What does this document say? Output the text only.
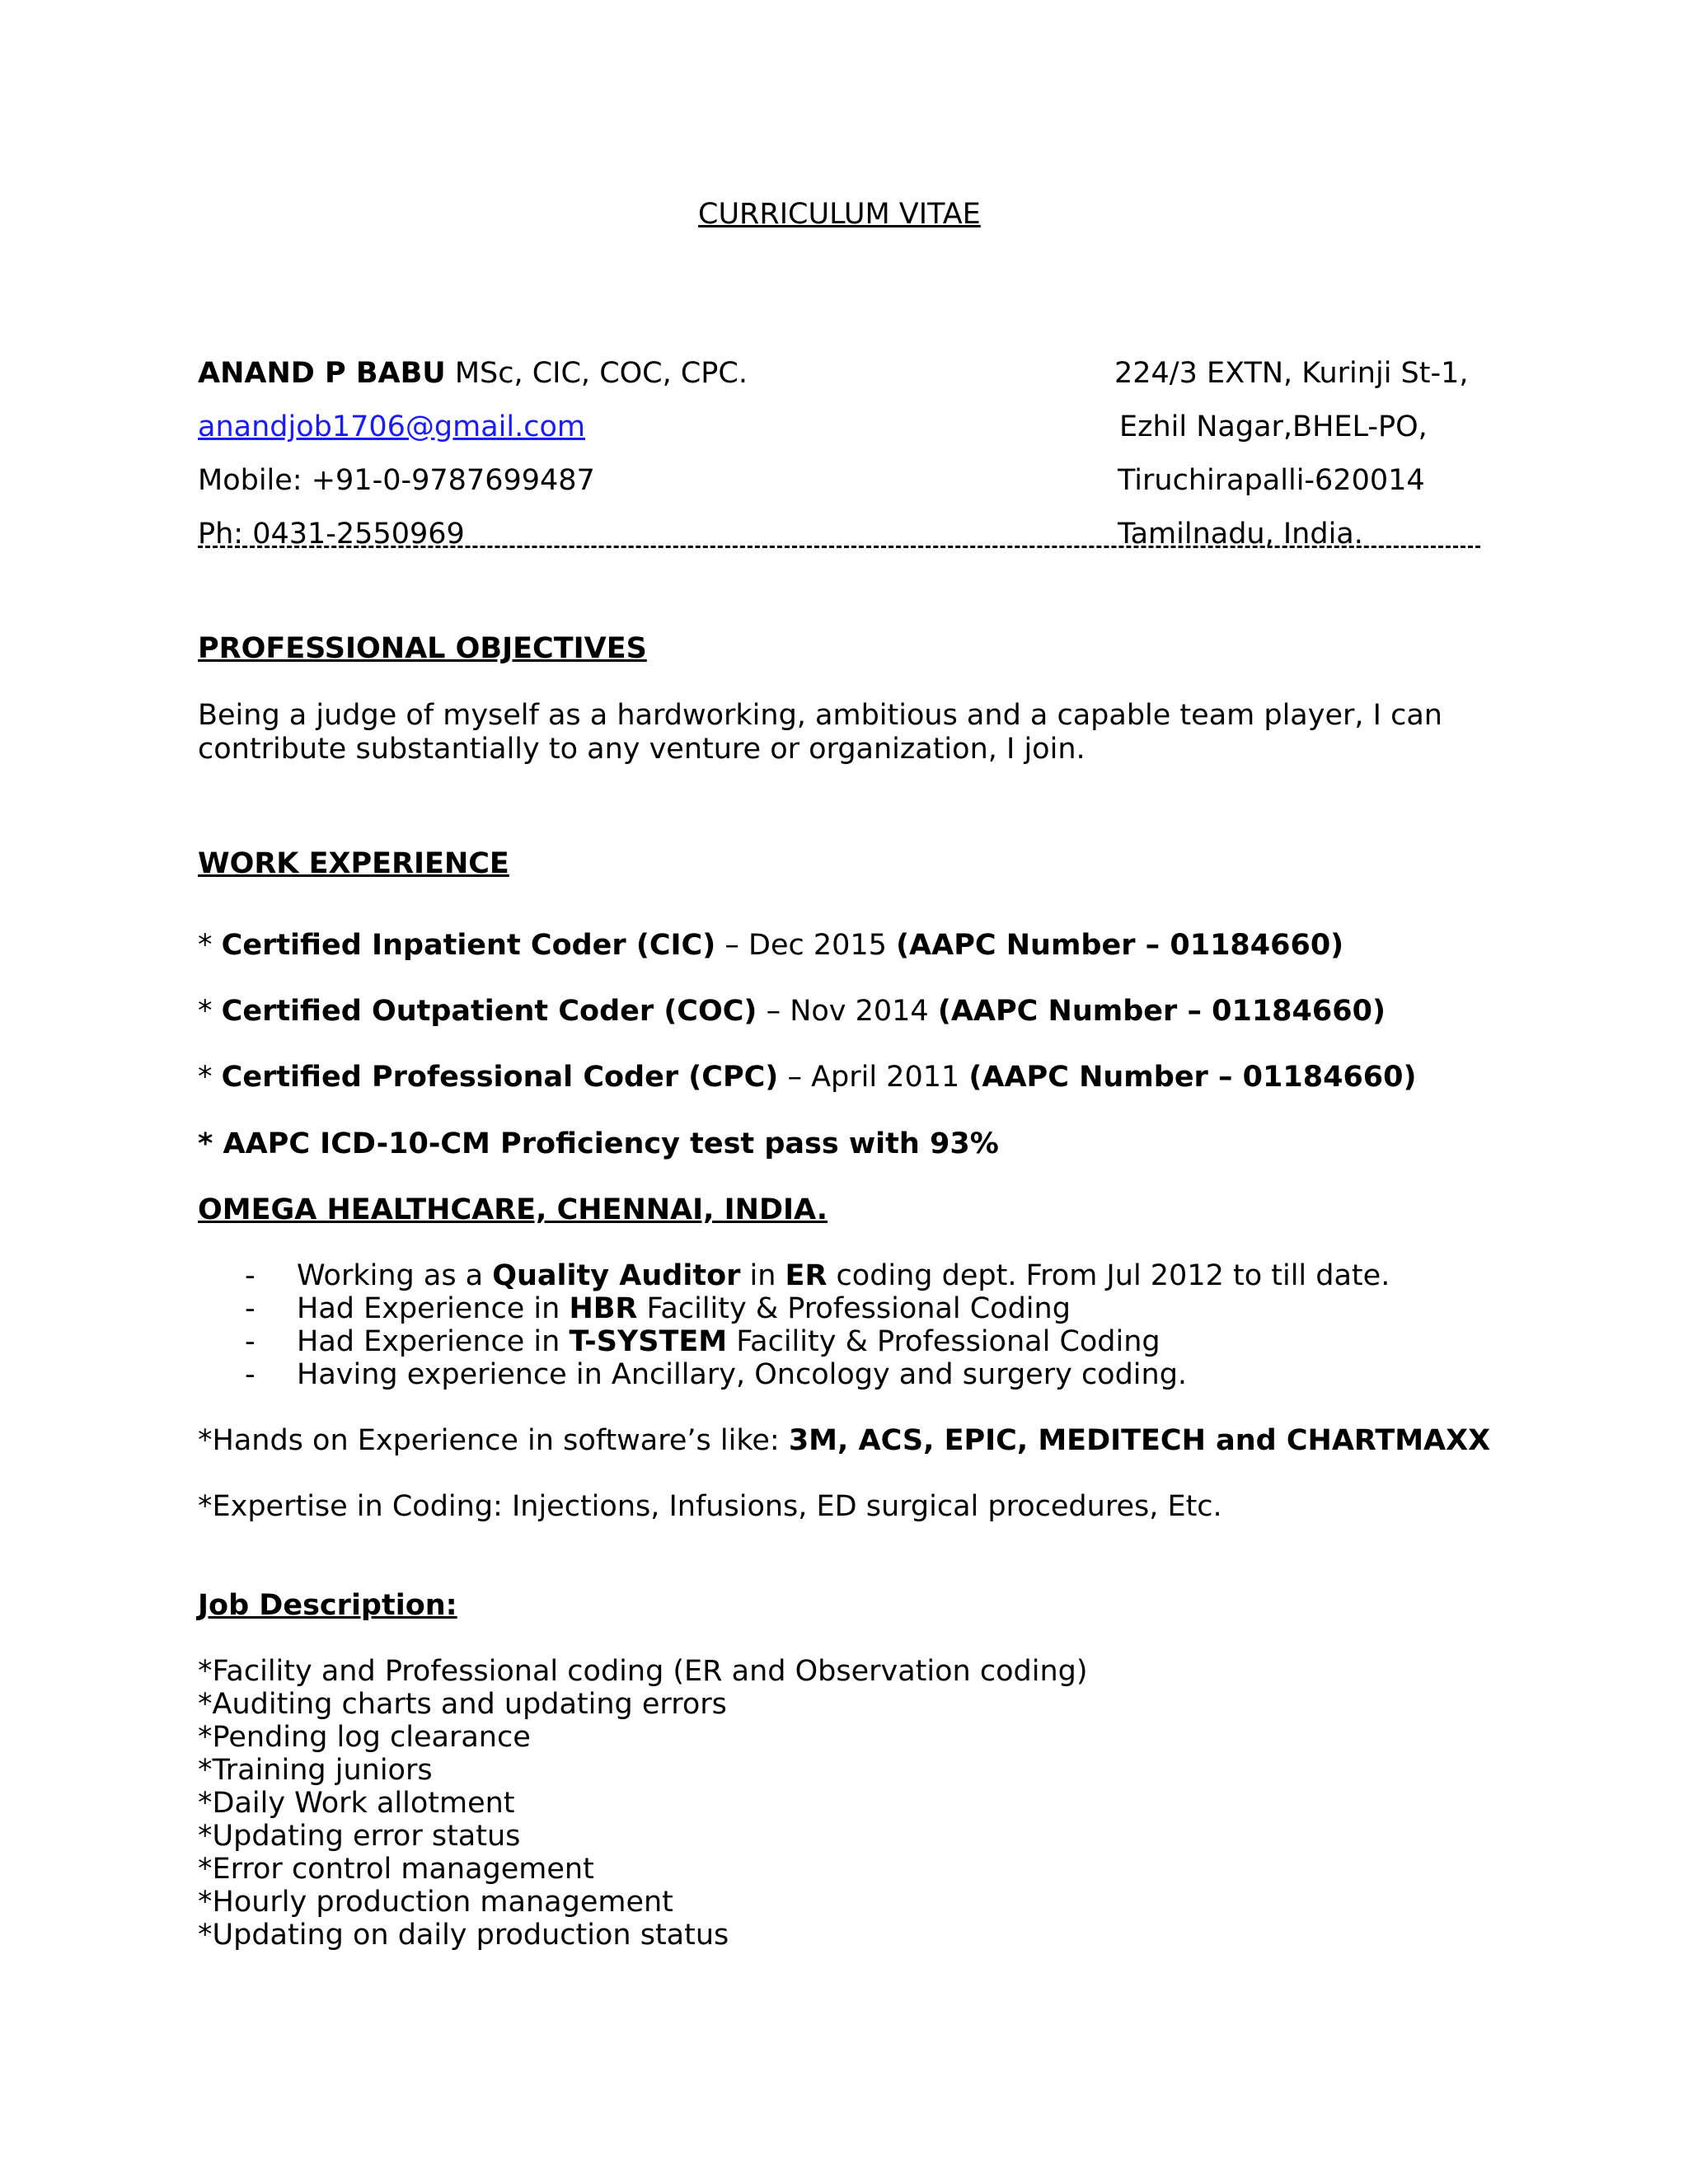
CURRICULUM VITAE
ANAND P BABU MSc, CIC, COC, CPC.
anandjob1706@gmail.com
Mobile: +91-0-9787699487
Ph: 0431-2550969
224/3 EXTN, Kurinji St-1,
Ezhil Nagar,BHEL-PO,
Tiruchirapalli-620014
Tamilnadu, India.
PROFESSIONAL OBJECTIVES
Being a judge of myself as a hardworking, ambitious and a capable team player, I can
contribute substantially to any venture or organization, I join.
WORK EXPERIENCE
* Certified Inpatient Coder (CIC) – Dec 2015 (AAPC Number – 01184660)
* Certified Outpatient Coder (COC) – Nov 2014 (AAPC Number – 01184660)
* Certified Professional Coder (CPC) – April 2011 (AAPC Number – 01184660)
* AAPC ICD-10-CM Proficiency test pass with 93%
OMEGA HEALTHCARE, CHENNAI, INDIA.
- Working as a Quality Auditor in ER coding dept. From Jul 2012 to till date.
- Had Experience in HBR Facility & Professional Coding
- Had Experience in T-SYSTEM Facility & Professional Coding
- Having experience in Ancillary, Oncology and surgery coding.
*Hands on Experience in software’s like: 3M, ACS, EPIC, MEDITECH and CHARTMAXX
*Expertise in Coding: Injections, Infusions, ED surgical procedures, Etc.
Job Description:
*Facility and Professional coding (ER and Observation coding)
*Auditing charts and updating errors
*Pending log clearance
*Training juniors
*Daily Work allotment
*Updating error status
*Error control management
*Hourly production management
*Updating on daily production status
